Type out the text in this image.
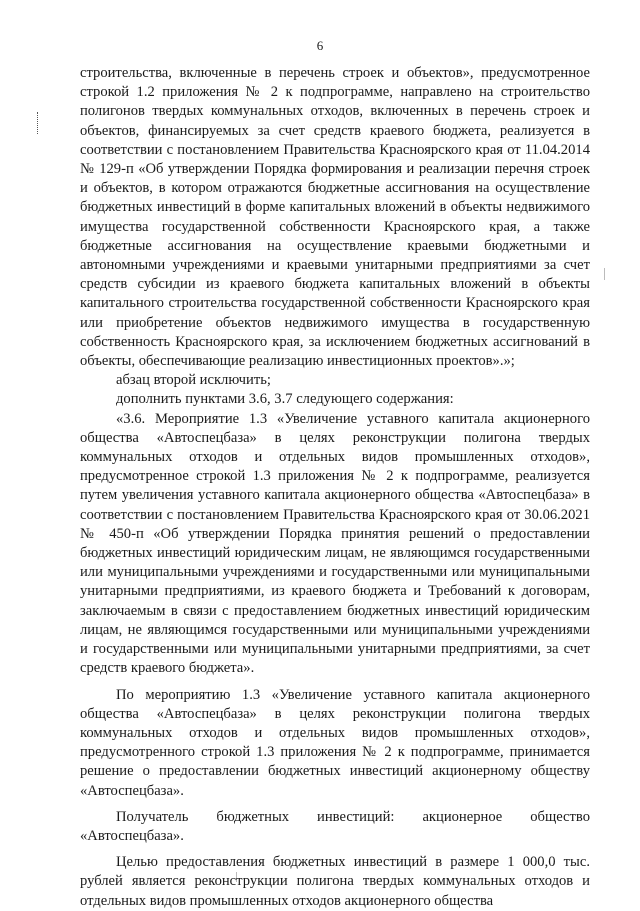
6

строительства, включенные в перечень строек и объектов», предусмотренное строкой 1.2 приложения № 2 к подпрограмме, направлено на строительство полигонов твердых коммунальных отходов, включенных в перечень строек и объектов, финансируемых за счет средств краевого бюджета, реализуется в соответствии с постановлением Правительства Красноярского края от 11.04.2014 № 129-п «Об утверждении Порядка формирования и реализации перечня строек и объектов, в котором отражаются бюджетные ассигнования на осуществление бюджетных инвестиций в форме капитальных вложений в объекты недвижимого имущества государственной собственности Красноярского края, а также бюджетные ассигнования на осуществление краевыми бюджетными и автономными учреждениями и краевыми унитарными предприятиями за счет средств субсидии из краевого бюджета капитальных вложений в объекты капитального строительства государственной собственности Красноярского края или приобретение объектов недвижимого имущества в государственную собственность Красноярского края, за исключением бюджетных ассигнований в объекты, обеспечивающие реализацию инвестиционных проектов».»;

абзац второй исключить;

дополнить пунктами 3.6, 3.7 следующего содержания:

«3.6. Мероприятие 1.3 «Увеличение уставного капитала акционерного общества «Автоспецбаза» в целях реконструкции полигона твердых коммунальных отходов и отдельных видов промышленных отходов», предусмотренное строкой 1.3 приложения № 2 к подпрограмме, реализуется путем увеличения уставного капитала акционерного общества «Автоспецбаза» в соответствии с постановлением Правительства Красноярского края от 30.06.2021 № 450-п «Об утверждении Порядка принятия решений о предоставлении бюджетных инвестиций юридическим лицам, не являющимся государственными или муниципальными учреждениями и государственными или муниципальными унитарными предприятиями, из краевого бюджета и Требований к договорам, заключаемым в связи с предоставлением бюджетных инвестиций юридическим лицам, не являющимся государственными или муниципальными учреждениями и государственными или муниципальными унитарными предприятиями, за счет средств краевого бюджета».

По мероприятию 1.3 «Увеличение уставного капитала акционерного общества «Автоспецбаза» в целях реконструкции полигона твердых коммунальных отходов и отдельных видов промышленных отходов», предусмотренного строкой 1.3 приложения № 2 к подпрограмме, принимается решение о предоставлении бюджетных инвестиций акционерному обществу «Автоспецбаза».

Получатель бюджетных инвестиций: акционерное общество «Автоспецбаза».

Целью предоставления бюджетных инвестиций в размере 1 000,0 тыс. рублей является реконструкции полигона твердых коммунальных отходов и отдельных видов промышленных отходов акционерного общества
